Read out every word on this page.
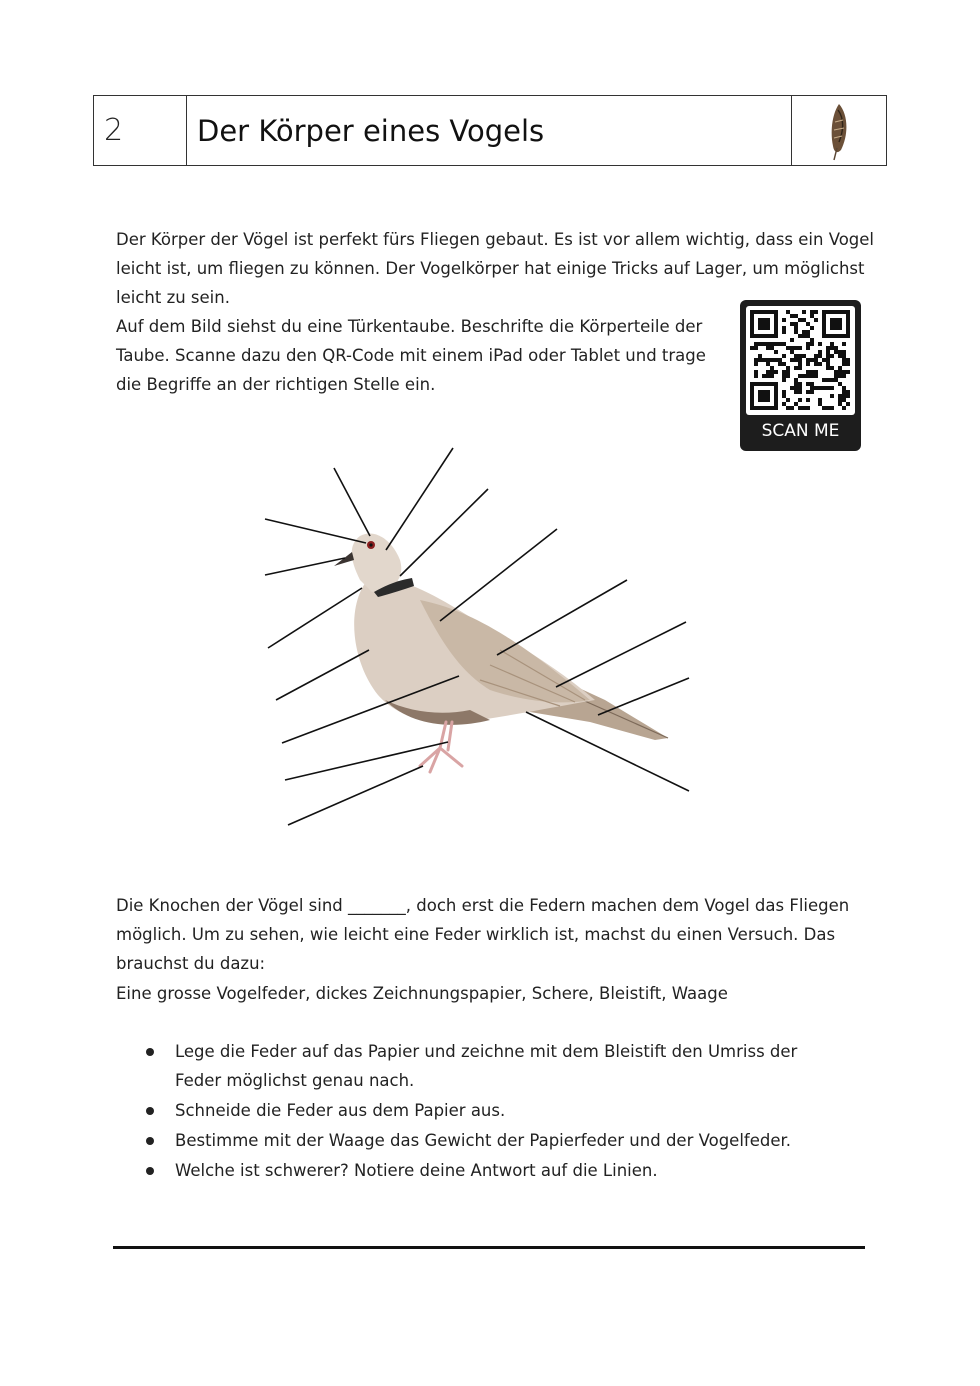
2	Der Körper eines Vogels
Der Körper der Vögel ist perfekt fürs Fliegen gebaut. Es ist vor allem wichtig, dass ein Vogel leicht ist, um fliegen zu können. Der Vogelkörper hat einige Tricks auf Lager, um möglichst leicht zu sein.
Auf dem Bild siehst du eine Türkentaube. Beschrifte die Körperteile der Taube. Scanne dazu den QR-Code mit einem iPad oder Tablet und trage die Begriffe an der richtigen Stelle ein.
SCAN ME
Die Knochen der Vögel sind _______, doch erst die Federn machen dem Vogel das Fliegen möglich. Um zu sehen, wie leicht eine Feder wirklich ist, machst du einen Versuch. Das brauchst du dazu:
Eine grosse Vogelfeder, dickes Zeichnungspapier, Schere, Bleistift, Waage
Lege die Feder auf das Papier und zeichne mit dem Bleistift den Umriss der Feder möglichst genau nach.
Schneide die Feder aus dem Papier aus.
Bestimme mit der Waage das Gewicht der Papierfeder und der Vogelfeder.
Welche ist schwerer? Notiere deine Antwort auf die Linien.
